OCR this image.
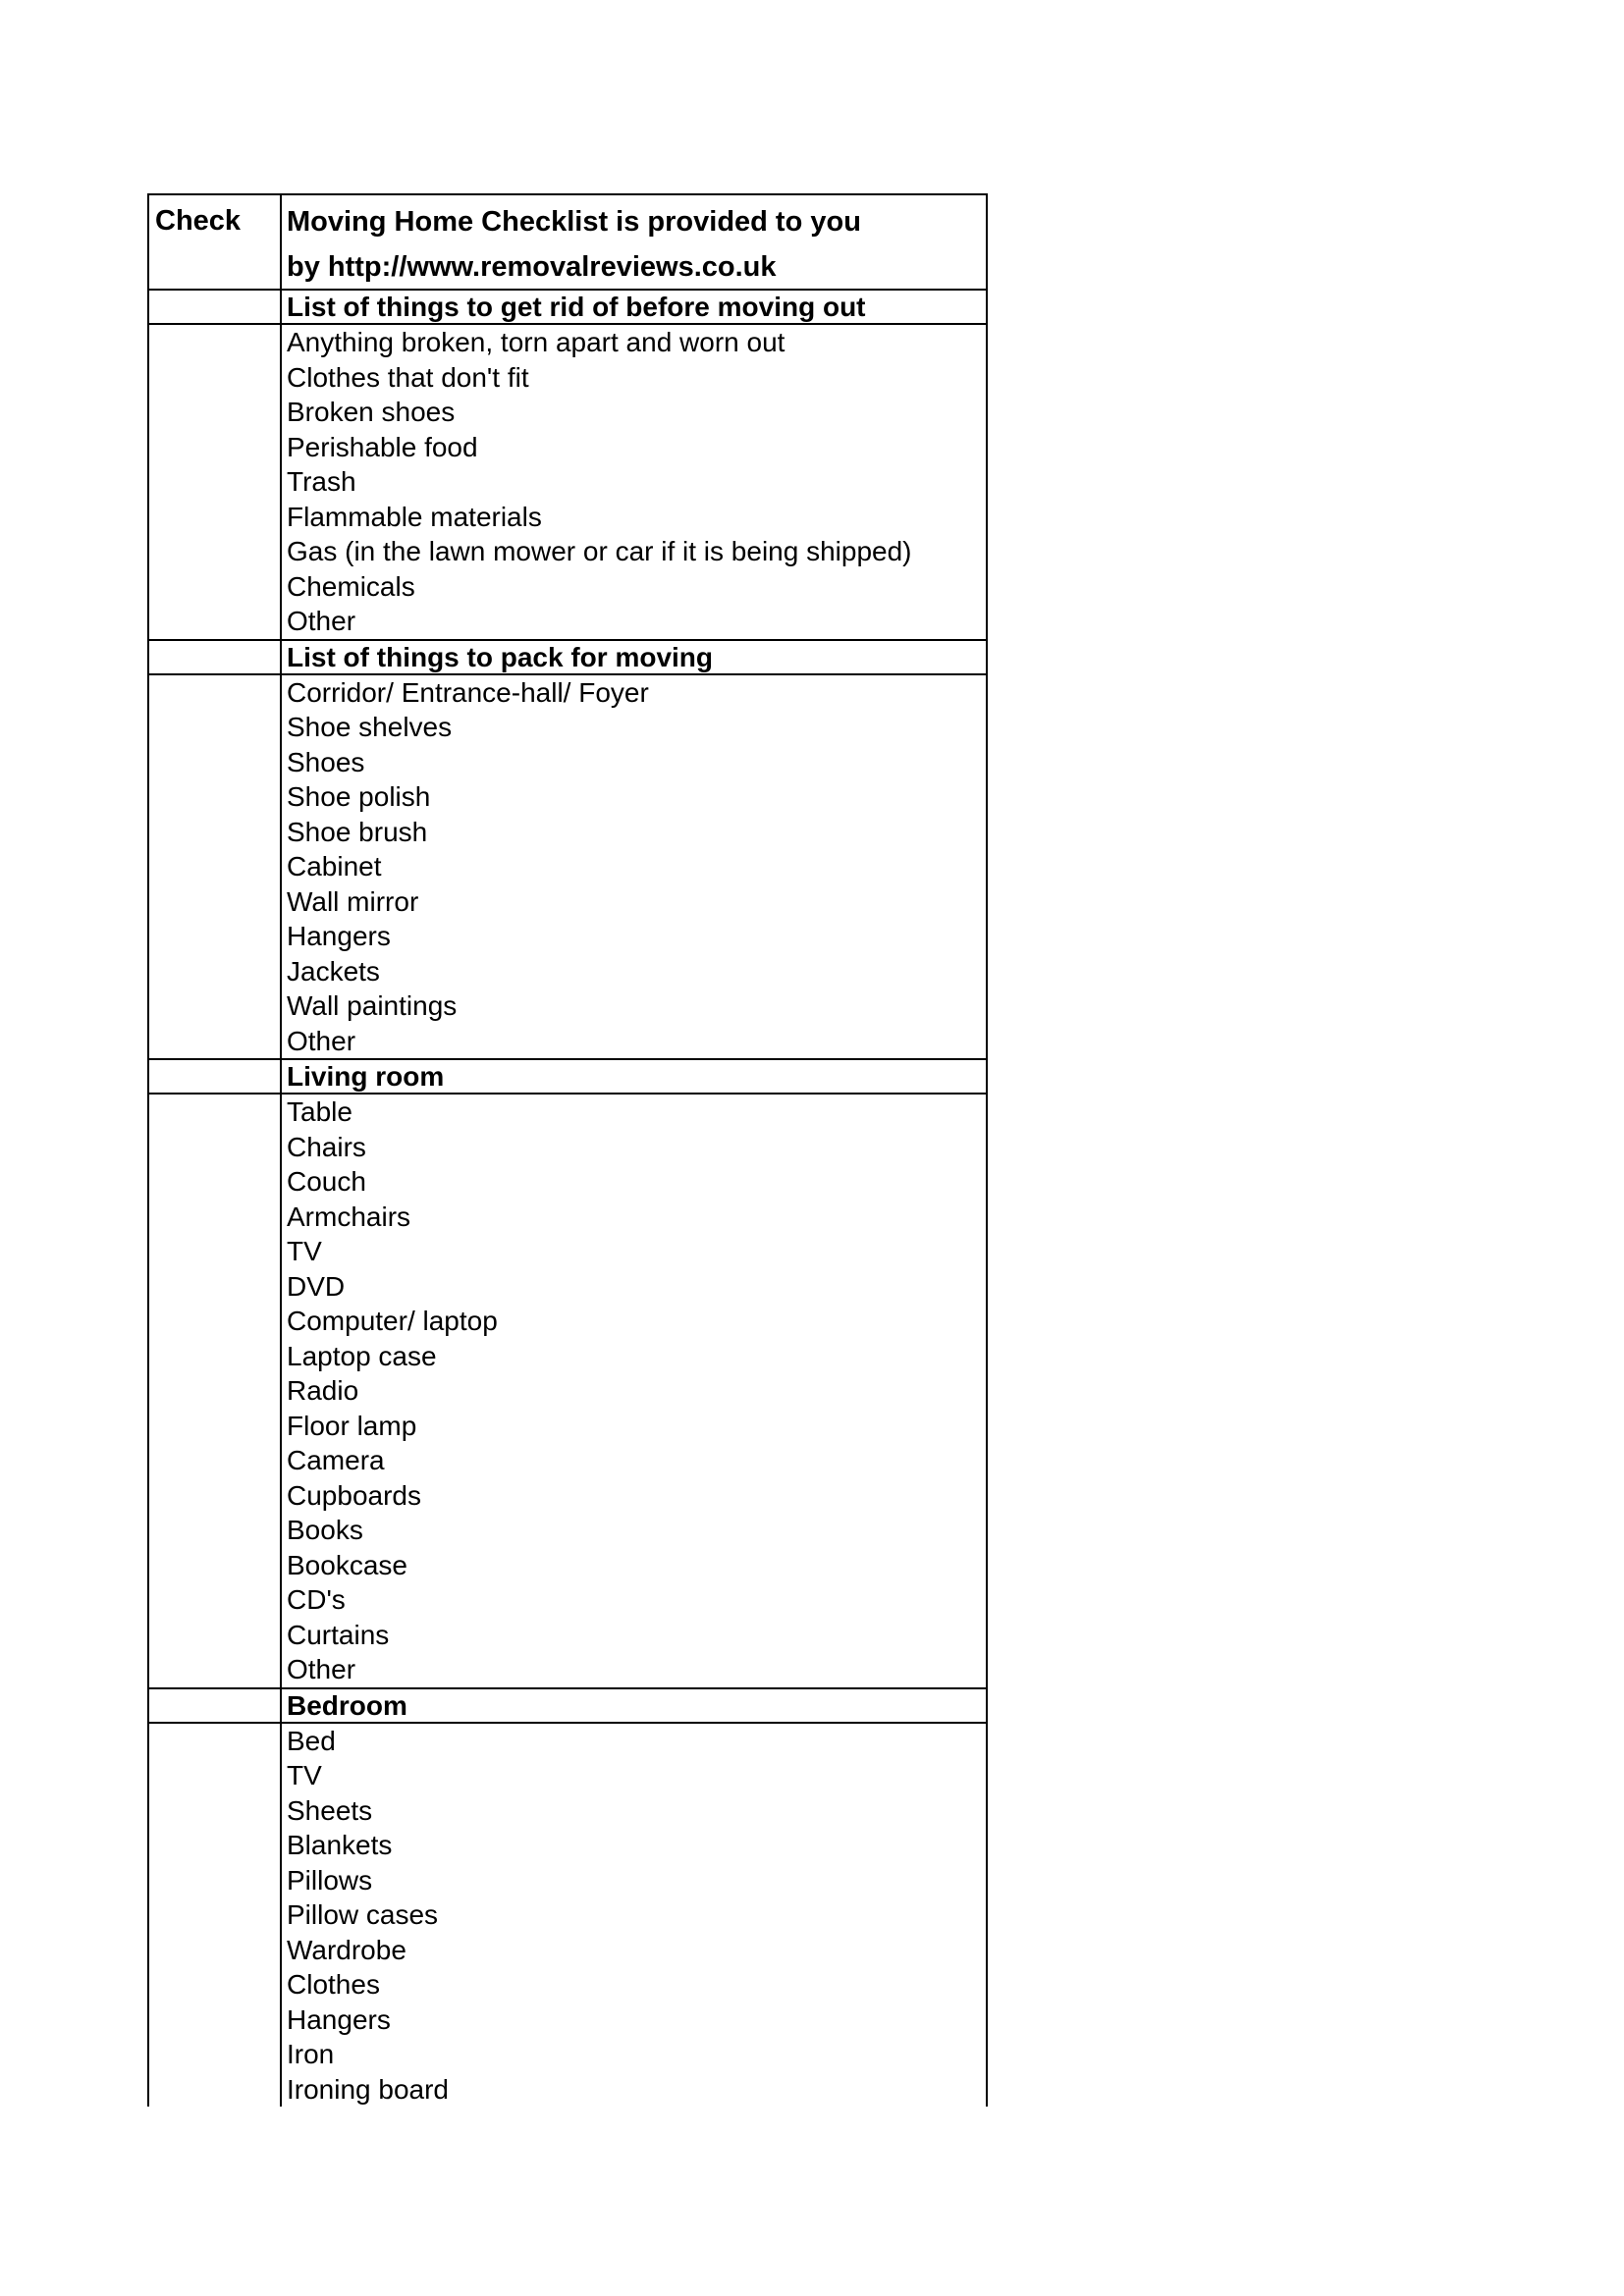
Check	Moving Home Checklist is provided to you
by http://www.removalreviews.co.uk
List of things to get rid of before moving out
Anything broken, torn apart and worn out
Clothes that don't fit
Broken shoes
Perishable food
Trash
Flammable materials
Gas (in the lawn mower or car if it is being shipped)
Chemicals
Other
List of things to pack for moving
Corridor/ Entrance-hall/ Foyer
Shoe shelves
Shoes
Shoe polish
Shoe brush
Cabinet
Wall mirror
Hangers
Jackets
Wall paintings
Other
Living room
Table
Chairs
Couch
Armchairs
TV
DVD
Computer/ laptop
Laptop case
Radio
Floor lamp
Camera
Cupboards
Books
Bookcase
CD's
Curtains
Other
Bedroom
Bed
TV
Sheets
Blankets
Pillows
Pillow cases
Wardrobe
Clothes
Hangers
Iron
Ironing board
